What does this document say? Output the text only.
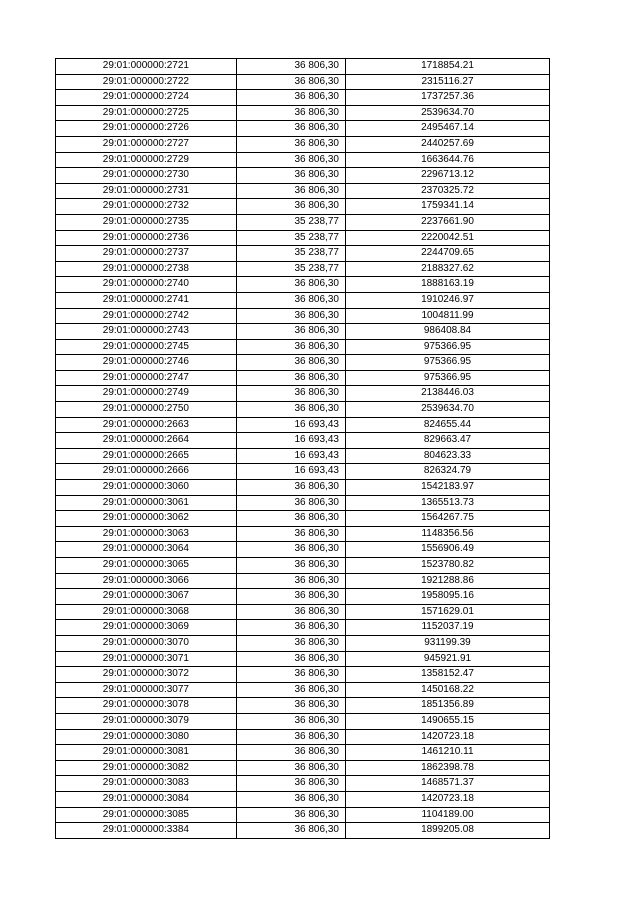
29:01:000000:2721	36 806,30	1718854.21
29:01:000000:2722	36 806,30	2315116.27
29:01:000000:2724	36 806,30	1737257.36
29:01:000000:2725	36 806,30	2539634.70
29:01:000000:2726	36 806,30	2495467.14
29:01:000000:2727	36 806,30	2440257.69
29:01:000000:2729	36 806,30	1663644.76
29:01:000000:2730	36 806,30	2296713.12
29:01:000000:2731	36 806,30	2370325.72
29:01:000000:2732	36 806,30	1759341.14
29:01:000000:2735	35 238,77	2237661.90
29:01:000000:2736	35 238,77	2220042.51
29:01:000000:2737	35 238,77	2244709.65
29:01:000000:2738	35 238,77	2188327.62
29:01:000000:2740	36 806,30	1888163.19
29:01:000000:2741	36 806,30	1910246.97
29:01:000000:2742	36 806,30	1004811.99
29:01:000000:2743	36 806,30	986408.84
29:01:000000:2745	36 806,30	975366.95
29:01:000000:2746	36 806,30	975366.95
29:01:000000:2747	36 806,30	975366.95
29:01:000000:2749	36 806,30	2138446.03
29:01:000000:2750	36 806,30	2539634.70
29:01:000000:2663	16 693,43	824655.44
29:01:000000:2664	16 693,43	829663.47
29:01:000000:2665	16 693,43	804623.33
29:01:000000:2666	16 693,43	826324.79
29:01:000000:3060	36 806,30	1542183.97
29:01:000000:3061	36 806,30	1365513.73
29:01:000000:3062	36 806,30	1564267.75
29:01:000000:3063	36 806,30	1148356.56
29:01:000000:3064	36 806,30	1556906.49
29:01:000000:3065	36 806,30	1523780.82
29:01:000000:3066	36 806,30	1921288.86
29:01:000000:3067	36 806,30	1958095.16
29:01:000000:3068	36 806,30	1571629.01
29:01:000000:3069	36 806,30	1152037.19
29:01:000000:3070	36 806,30	931199.39
29:01:000000:3071	36 806,30	945921.91
29:01:000000:3072	36 806,30	1358152.47
29:01:000000:3077	36 806,30	1450168.22
29:01:000000:3078	36 806,30	1851356.89
29:01:000000:3079	36 806,30	1490655.15
29:01:000000:3080	36 806,30	1420723.18
29:01:000000:3081	36 806,30	1461210.11
29:01:000000:3082	36 806,30	1862398.78
29:01:000000:3083	36 806,30	1468571.37
29:01:000000:3084	36 806,30	1420723.18
29:01:000000:3085	36 806,30	1104189.00
29:01:000000:3384	36 806,30	1899205.08
